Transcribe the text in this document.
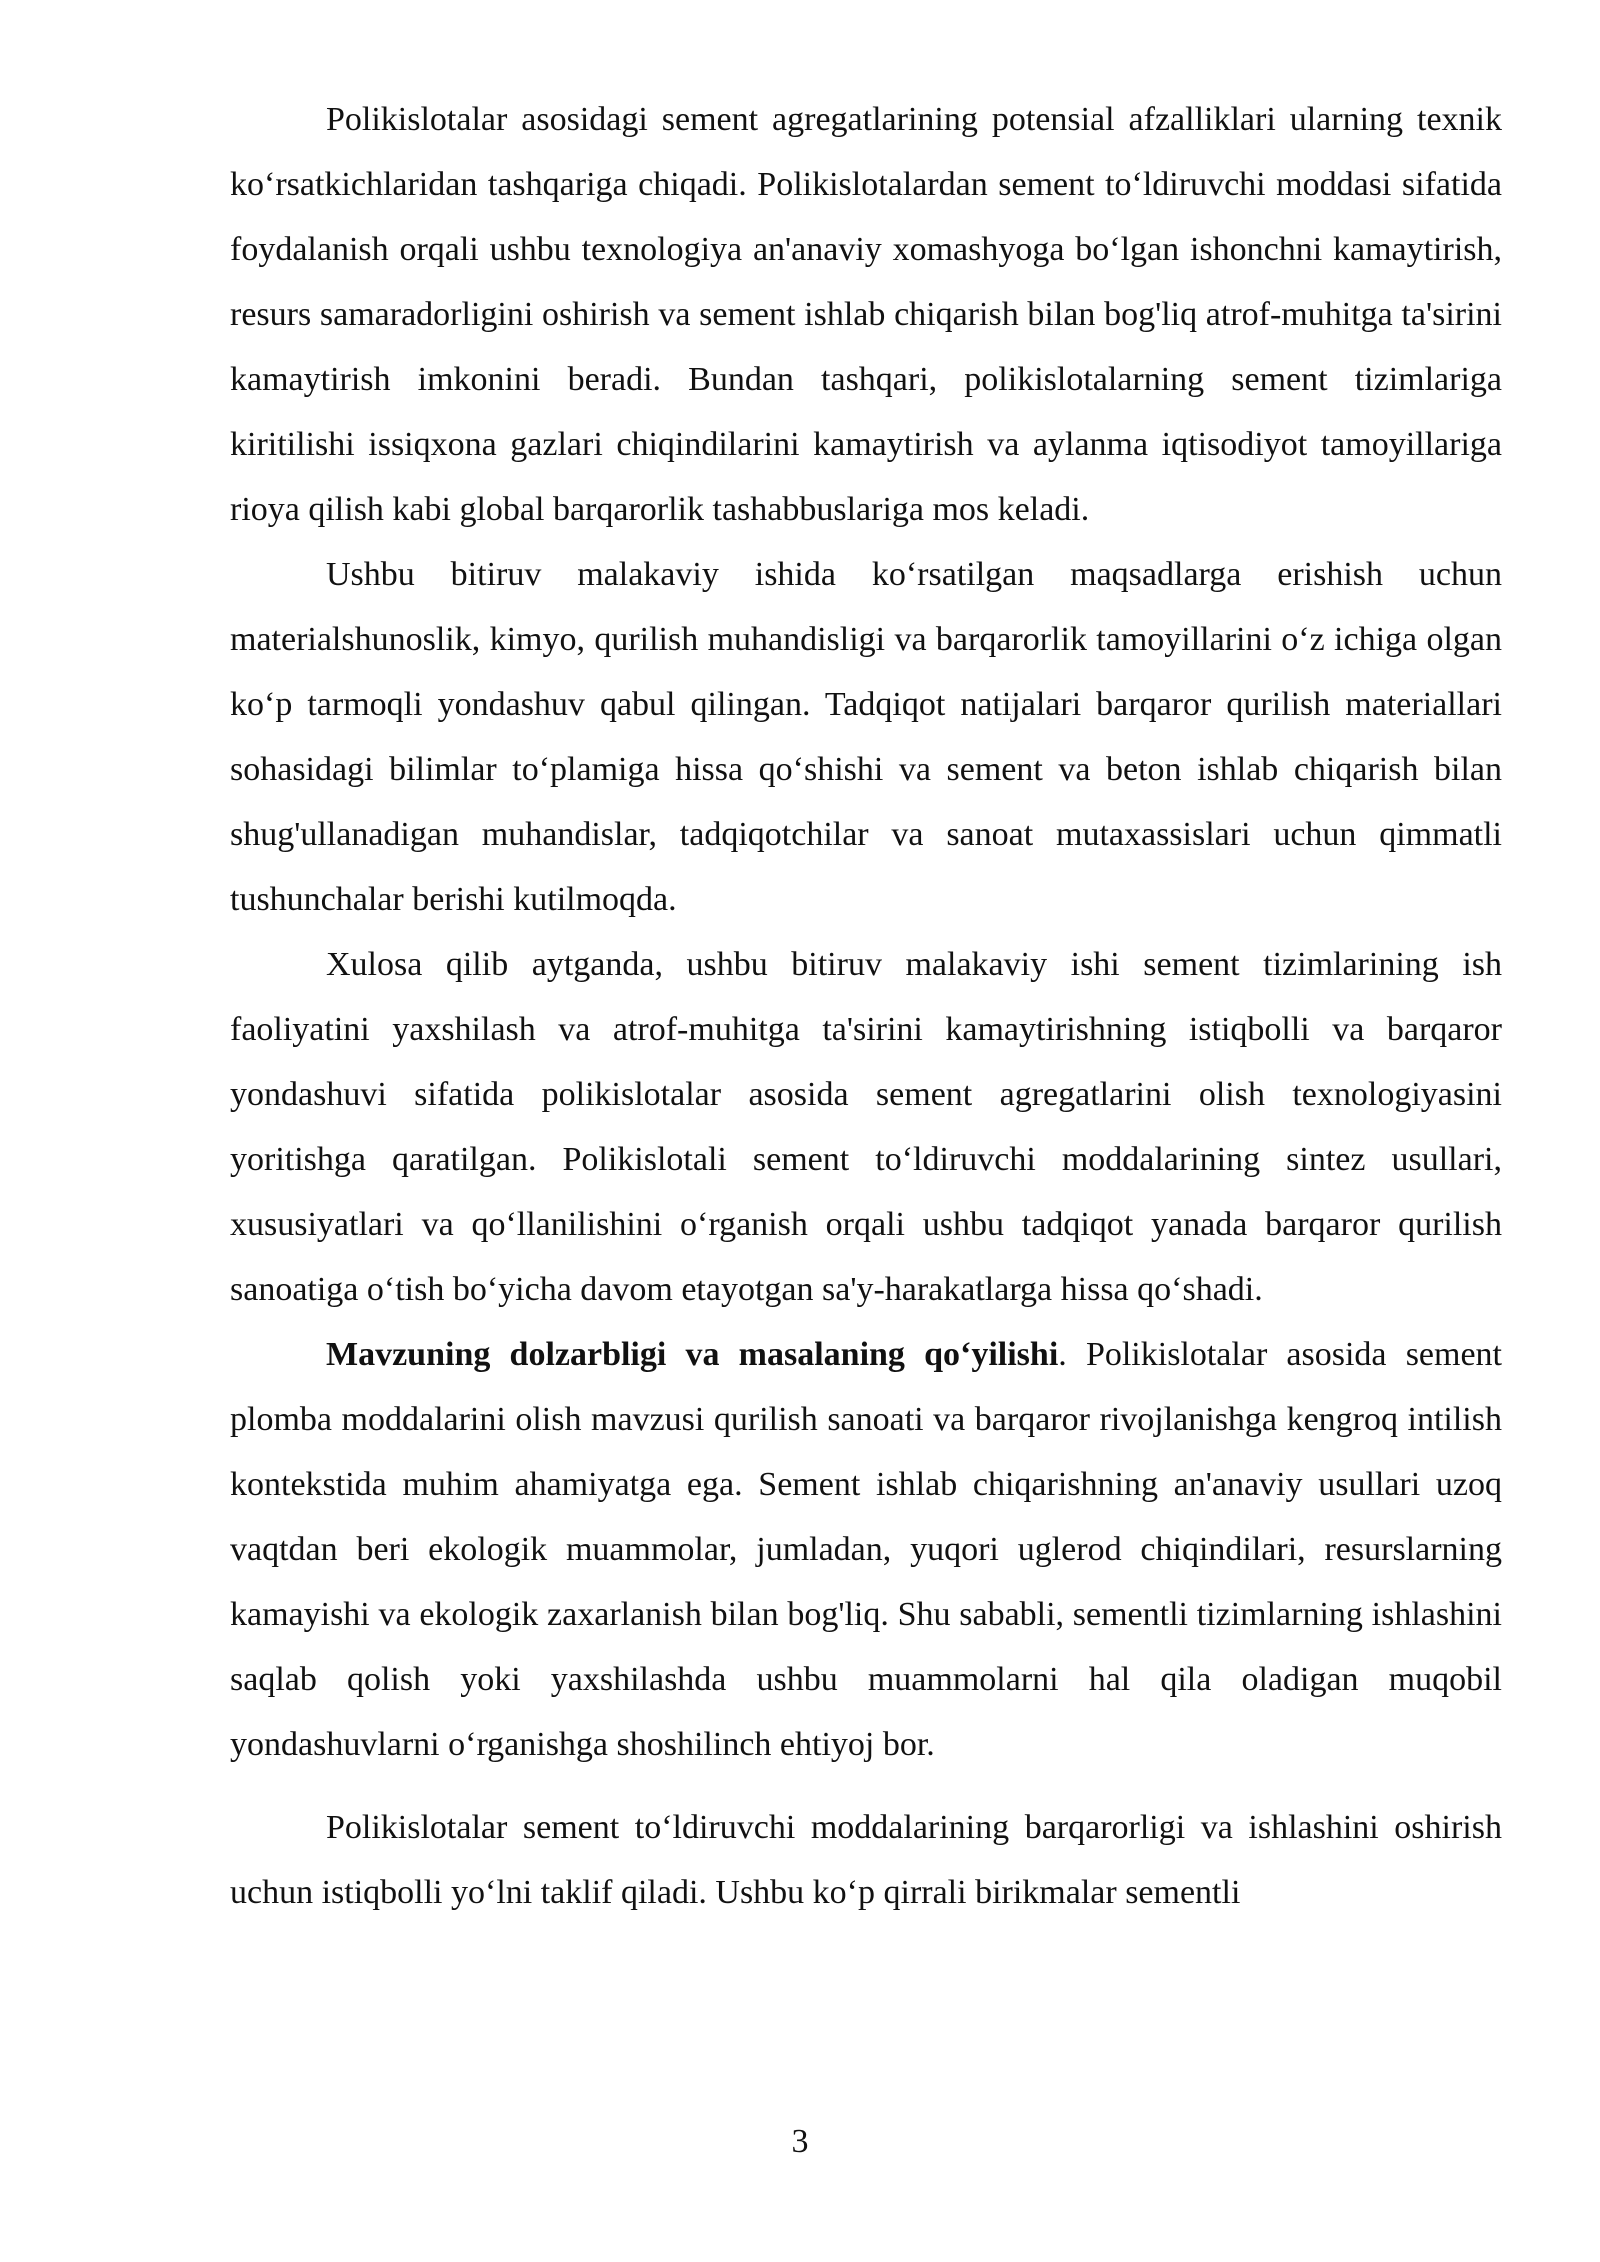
Polikislotalar asosidagi sement agregatlarining potensial afzalliklari ularning texnik ko‘rsatkichlaridan tashqariga chiqadi. Polikislotalardan sement to‘ldiruvchi moddasi sifatida foydalanish orqali ushbu texnologiya an'anaviy xomashyoga bo‘lgan ishonchni kamaytirish, resurs samaradorligini oshirish va sement ishlab chiqarish bilan bog'liq atrof-muhitga ta'sirini kamaytirish imkonini beradi. Bundan tashqari, polikislotalarning sement tizimlariga kiritilishi issiqxona gazlari chiqindilarini kamaytirish va aylanma iqtisodiyot tamoyillariga rioya qilish kabi global barqarorlik tashabbuslariga mos keladi.

Ushbu bitiruv malakaviy ishida ko‘rsatilgan maqsadlarga erishish uchun materialshunoslik, kimyo, qurilish muhandisligi va barqarorlik tamoyillarini o‘z ichiga olgan ko‘p tarmoqli yondashuv qabul qilingan. Tadqiqot natijalari barqaror qurilish materiallari sohasidagi bilimlar to‘plamiga hissa qo‘shishi va sement va beton ishlab chiqarish bilan shug'ullanadigan muhandislar, tadqiqotchilar va sanoat mutaxassislari uchun qimmatli tushunchalar berishi kutilmoqda.

Xulosa qilib aytganda, ushbu bitiruv malakaviy ishi sement tizimlarining ish faoliyatini yaxshilash va atrof-muhitga ta'sirini kamaytirishning istiqbolli va barqaror yondashuvi sifatida polikislotalar asosida sement agregatlarini olish texnologiyasini yoritishga qaratilgan. Polikislotali sement to‘ldiruvchi moddalarining sintez usullari, xususiyatlari va qo‘llanilishini o‘rganish orqali ushbu tadqiqot yanada barqaror qurilish sanoatiga o‘tish bo‘yicha davom etayotgan sa'y-harakatlarga hissa qo‘shadi.

Mavzuning dolzarbligi va masalaning qo‘yilishi. Polikislotalar asosida sement plomba moddalarini olish mavzusi qurilish sanoati va barqaror rivojlanishga kengroq intilish kontekstida muhim ahamiyatga ega. Sement ishlab chiqarishning an'anaviy usullari uzoq vaqtdan beri ekologik muammolar, jumladan, yuqori uglerod chiqindilari, resurslarning kamayishi va ekologik zaxarlanish bilan bog'liq. Shu sababli, sementli tizimlarning ishlashini saqlab qolish yoki yaxshilashda ushbu muammolarni hal qila oladigan muqobil yondashuvlarni o‘rganishga shoshilinch ehtiyoj bor.

Polikislotalar sement to‘ldiruvchi moddalarining barqarorligi va ishlashini oshirish uchun istiqbolli yo‘lni taklif qiladi. Ushbu ko‘p qirrali birikmalar sementli

3
